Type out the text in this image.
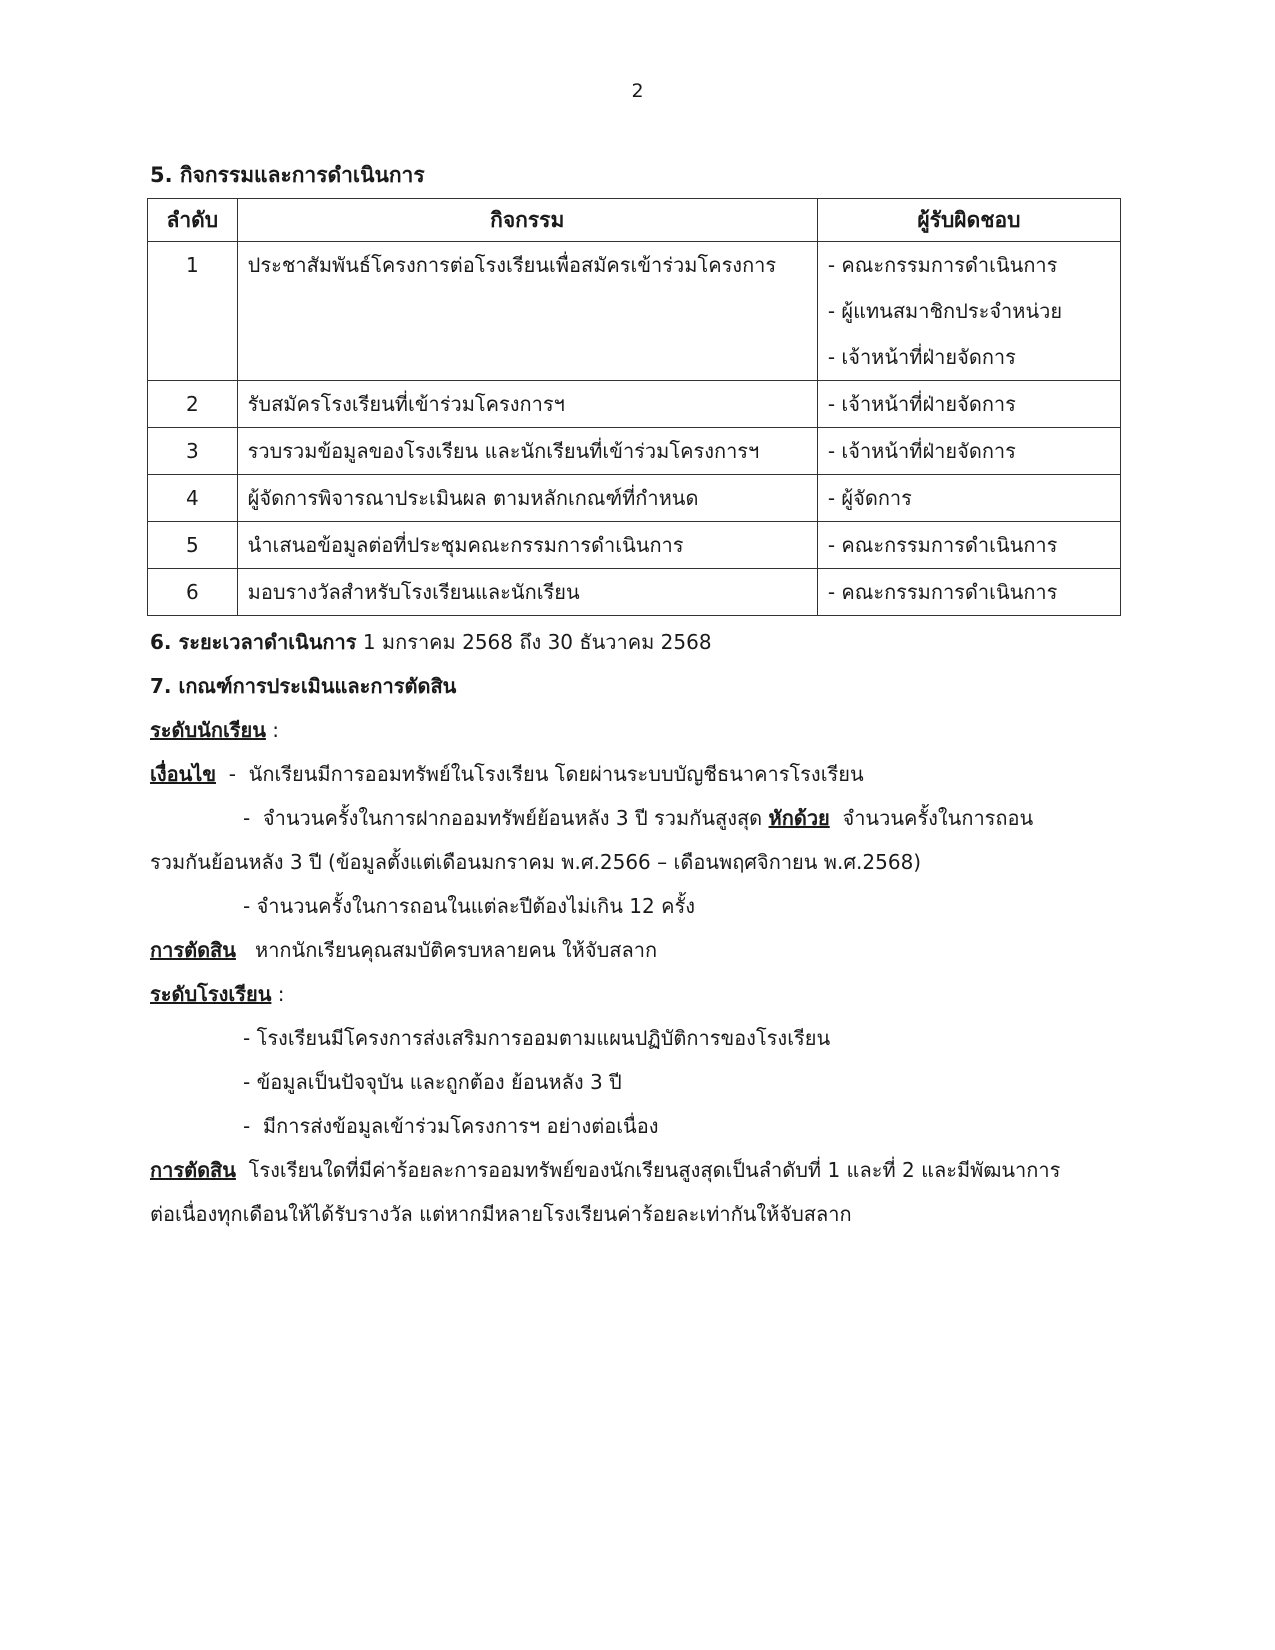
2

5. กิจกรรมและการดำเนินการ

ลำดับ	กิจกรรม	ผู้รับผิดชอบ
1	ประชาสัมพันธ์โครงการต่อโรงเรียนเพื่อสมัครเข้าร่วมโครงการ	- คณะกรรมการดำเนินการ
- ผู้แทนสมาชิกประจำหน่วย
- เจ้าหน้าที่ฝ่ายจัดการ

2	รับสมัครโรงเรียนที่เข้าร่วมโครงการฯ	- เจ้าหน้าที่ฝ่ายจัดการ
3	รวบรวมข้อมูลของโรงเรียน และนักเรียนที่เข้าร่วมโครงการฯ	- เจ้าหน้าที่ฝ่ายจัดการ
4	ผู้จัดการพิจารณาประเมินผล ตามหลักเกณฑ์ที่กำหนด	- ผู้จัดการ
5	นำเสนอข้อมูลต่อที่ประชุมคณะกรรมการดำเนินการ	- คณะกรรมการดำเนินการ
6	มอบรางวัลสำหรับโรงเรียนและนักเรียน	- คณะกรรมการดำเนินการ

6. ระยะเวลาดำเนินการ 1 มกราคม 2568 ถึง 30 ธันวาคม 2568

7. เกณฑ์การประเมินและการตัดสิน

ระดับนักเรียน :

เงื่อนไข  -  นักเรียนมีการออมทรัพย์ในโรงเรียน โดยผ่านระบบบัญชีธนาคารโรงเรียน

-  จำนวนครั้งในการฝากออมทรัพย์ย้อนหลัง 3 ปี รวมกันสูงสุด หักด้วย  จำนวนครั้งในการถอน

รวมกันย้อนหลัง 3 ปี (ข้อมูลตั้งแต่เดือนมกราคม พ.ศ.2566 – เดือนพฤศจิกายน พ.ศ.2568)

- จำนวนครั้งในการถอนในแต่ละปีต้องไม่เกิน 12 ครั้ง

การตัดสิน   หากนักเรียนคุณสมบัติครบหลายคน ให้จับสลาก

ระดับโรงเรียน :

- โรงเรียนมีโครงการส่งเสริมการออมตามแผนปฏิบัติการของโรงเรียน

- ข้อมูลเป็นปัจจุบัน และถูกต้อง ย้อนหลัง 3 ปี

-  มีการส่งข้อมูลเข้าร่วมโครงการฯ อย่างต่อเนื่อง

การตัดสิน  โรงเรียนใดที่มีค่าร้อยละการออมทรัพย์ของนักเรียนสูงสุดเป็นลำดับที่ 1 และที่ 2 และมีพัฒนาการ

ต่อเนื่องทุกเดือนให้ได้รับรางวัล แต่หากมีหลายโรงเรียนค่าร้อยละเท่ากันให้จับสลาก
